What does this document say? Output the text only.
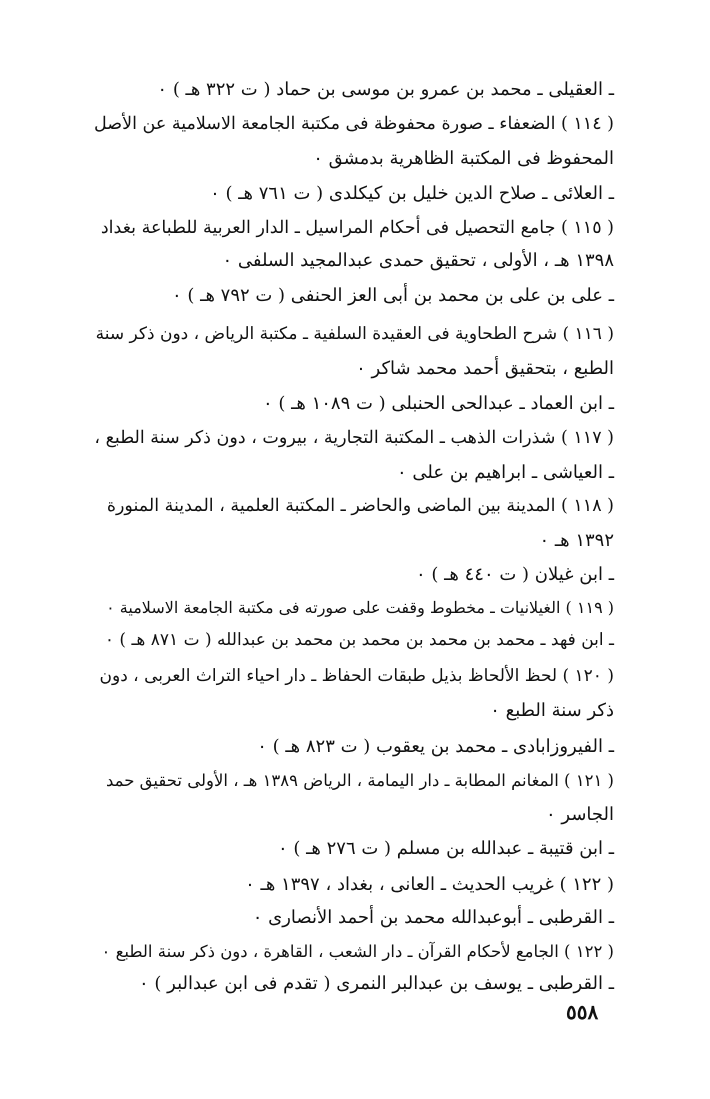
ـ العقيلى ـ محمد بن عمرو بن موسى بن حماد ( ت ٣٢٢ هـ ) ٠
( ١١٤ ) الضعفاء ـ صورة محفوظة فى مكتبة الجامعة الاسلامية عن الأصل
المحفوظ فى المكتبة الظاهرية بدمشق ٠
ـ العلائى ـ صلاح الدين خليل بن كيكلدى ( ت ٧٦١ هـ ) ٠
( ١١٥ ) جامع التحصيل فى أحكام المراسيل ـ الدار العربية للطباعة بغداد
١٣٩٨ هـ ، الأولى ، تحقيق حمدى عبدالمجيد السلفى ٠
ـ على بن على بن محمد بن أبى العز الحنفى ( ت ٧٩٢ هـ ) ٠
( ١١٦ ) شرح الطحاوية فى العقيدة السلفية ـ مكتبة الرياض ، دون ذكر سنة
الطبع ، بتحقيق أحمد محمد شاكر ٠
ـ ابن العماد ـ عبدالحى الحنبلى ( ت ١٠٨٩ هـ ) ٠
( ١١٧ ) شذرات الذهب ـ المكتبة التجارية ، بيروت ، دون ذكر سنة الطبع ،
ـ العياشى ـ ابراهيم بن على ٠
( ١١٨ ) المدينة بين الماضى والحاضر ـ المكتبة العلمية ، المدينة المنورة
١٣٩٢ هـ ٠
ـ ابن غيلان ( ت ٤٤٠ هـ ) ٠
( ١١٩ ) الغيلانيات ـ مخطوط وقفت على صورته فى مكتبة الجامعة الاسلامية ٠
ـ ابن فهد ـ محمد بن محمد بن محمد بن محمد بن عبدالله ( ت ٨٧١ هـ ) ٠
( ١٢٠ ) لحظ الألحاظ بذيل طبقات الحفاظ ـ دار احياء التراث العربى ، دون
ذكر سنة الطبع ٠
ـ الفيروزابادى ـ محمد بن يعقوب ( ت ٨٢٣ هـ ) ٠
( ١٢١ ) المغانم المطابة ـ دار اليمامة ، الرياض ١٣٨٩ هـ ، الأولى تحقيق حمد
الجاسر ٠
ـ ابن قتيبة ـ عبدالله بن مسلم ( ت ٢٧٦ هـ ) ٠
( ١٢٢ ) غريب الحديث ـ العانى ، بغداد ، ١٣٩٧ هـ ٠
ـ القرطبى ـ أبوعبدالله محمد بن أحمد الأنصارى ٠
( ١٢٢ ) الجامع لأحكام القرآن ـ دار الشعب ، القاهرة ، دون ذكر سنة الطبع ٠
ـ القرطبى ـ يوسف بن عبدالبر النمرى ( تقدم فى ابن عبدالبر ) ٠
٥٥٨
